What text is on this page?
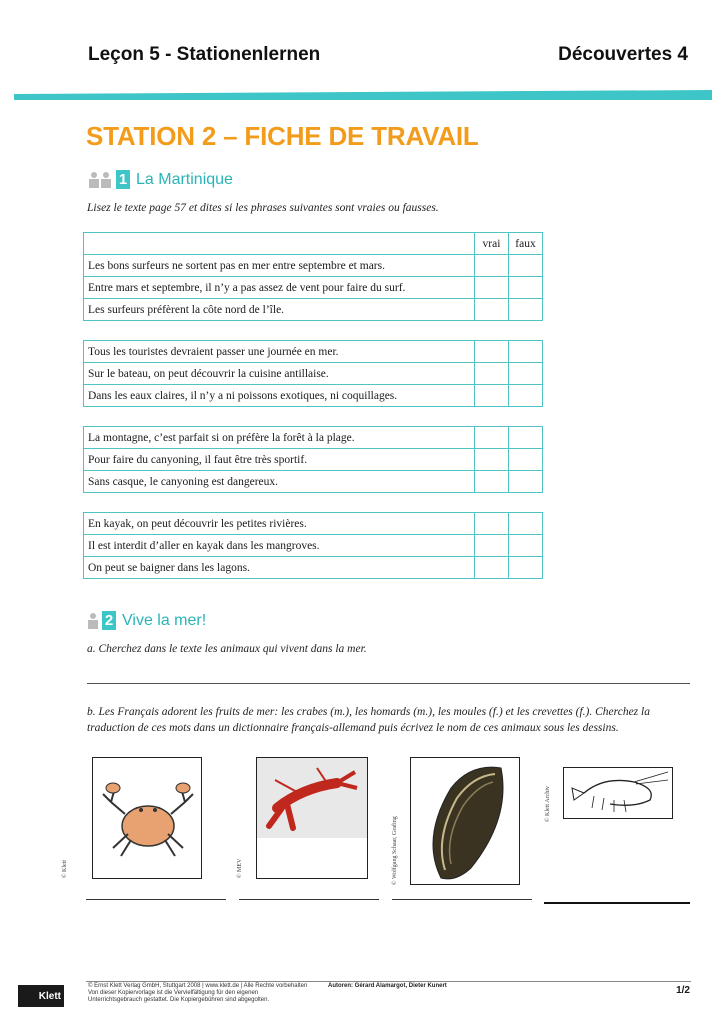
Leçon 5 - Stationenlernen	Découvertes 4
STATION 2 – FICHE DE TRAVAIL
1 La Martinique
Lisez le texte page 57 et dites si les phrases suivantes sont vraies ou fausses.
	vrai	faux
Les bons surfeurs ne sortent pas en mer entre septembre et mars.		
Entre mars et septembre, il n’y a pas assez de vent pour faire du surf.		
Les surfeurs préfèrent la côte nord de l’île.		
Tous les touristes devraient passer une journée en mer.		
Sur le bateau, on peut découvrir la cuisine antillaise.		
Dans les eaux claires, il n’y a ni poissons exotiques, ni coquillages.		
La montagne, c’est parfait si on préfère la forêt à la plage.		
Pour faire du canyoning, il faut être très sportif.		
Sans casque, le canyoning est dangereux.		
En kayak, on peut découvrir les petites rivières.		
Il est interdit d’aller en kayak dans les mangroves.		
On peut se baigner dans les lagons.		
2 Vive la mer!
a. Cherchez dans le texte les animaux qui vivent dans la mer.
b. Les Français adorent les fruits de mer: les crabes (m.), les homards (m.), les moules (f.) et les crevettes (f.). Cherchez la traduction de ces mots dans un dictionnaire français-allemand puis écrivez le nom de ces animaux sous les dessins.
© Klett	© MEV	© Wolfgang Schaar, Grafing
© Klett Archiv
Klett
© Ernst Klett Verlag GmbH, Stuttgart 2008 | www.klett.de | Alle Rechte vorbehalten
Von dieser Kopiervorlage ist die Vervielfältigung für den eigenen
Unterrichtsgebrauch gestattet. Die Kopiergebühren sind abgegolten.
Autoren: Gérard Alamargot, Dieter Kunert	1/2
